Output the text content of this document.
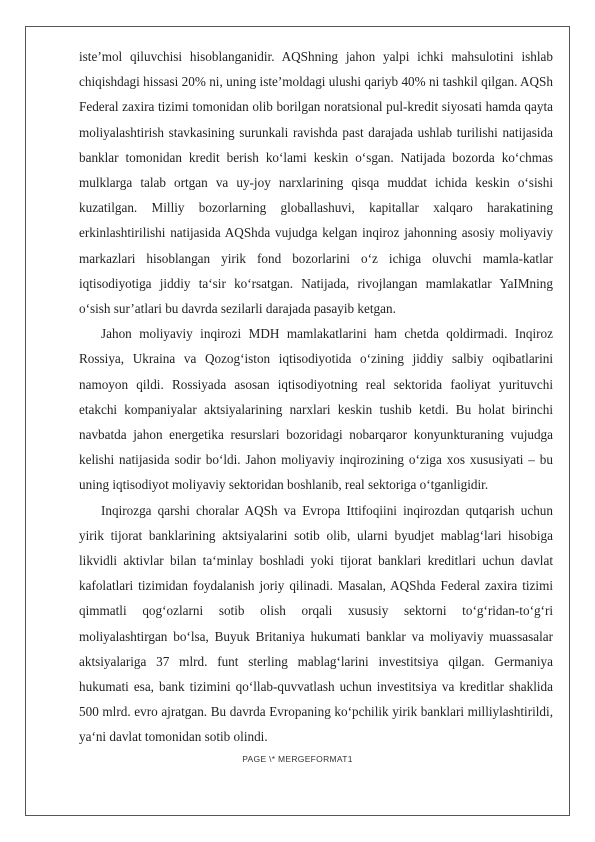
iste’mol qiluvchisi hisoblanganidir. AQShning jahon yalpi ichki mahsulotini ishlab chiqishdagi hissasi 20% ni, uning iste’moldagi ulushi qariyb 40% ni tashkil qilgan. AQSh Federal zaxira tizimi tomonidan olib borilgan noratsional pul-kredit siyosati hamda qayta moliyalashtirish stavkasining surunkali ravishda past darajada ushlab turilishi natijasida banklar tomonidan kredit berish ko‘lami keskin o‘sgan. Natijada bozorda ko‘chmas mulklarga talab ortgan va uy-joy narxlarining qisqa muddat ichida keskin o‘sishi kuzatilgan. Milliy bozorlarning globallashuvi, kapitallar xalqaro harakatining erkinlashtirilishi natijasida AQShda vujudga kelgan inqiroz jahonning asosiy moliyaviy markazlari hisoblangan yirik fond bozorlarini o‘z ichiga oluvchi mamla-katlar iqtisodiyotiga jiddiy ta‘sir ko‘rsatgan. Natijada, rivojlangan mamlakatlar YaIMning o‘sish sur’atlari bu davrda sezilarli darajada pasayib ketgan.

Jahon moliyaviy inqirozi MDH mamlakatlarini ham chetda qoldirmadi. Inqiroz Rossiya, Ukraina va Qozog‘iston iqtisodiyotida o‘zining jiddiy salbiy oqibatlarini namoyon qildi. Rossiyada asosan iqtisodiyotning real sektorida faoliyat yurituvchi etakchi kompaniyalar aktsiyalarining narxlari keskin tushib ketdi. Bu holat birinchi navbatda jahon energetika resurslari bozoridagi nobarqaror konyunkturaning vujudga kelishi natijasida sodir bo‘ldi. Jahon moliyaviy inqirozining o‘ziga xos xususiyati – bu uning iqtisodiyot moliyaviy sektoridan boshlanib, real sektoriga o‘tganligidir.

Inqirozga qarshi choralar AQSh va Evropa Ittifoqiini inqirozdan qutqarish uchun yirik tijorat banklarining aktsiyalarini sotib olib, ularni byudjet mablag‘lari hisobiga likvidli aktivlar bilan ta‘minlay boshladi yoki tijorat banklari kreditlari uchun davlat kafolatlari tizimidan foydalanish joriy qilinadi. Masalan, AQShda Federal zaxira tizimi qimmatli qog‘ozlarni sotib olish orqali xususiy sektorni to‘g‘ridan-to‘g‘ri moliyalashtirgan bo‘lsa, Buyuk Britaniya hukumati banklar va moliyaviy muassasalar aktsiyalariga 37 mlrd. funt sterling mablag‘larini investitsiya qilgan. Germaniya hukumati esa, bank tizimini qo‘llab-quvvatlash uchun investitsiya va kreditlar shaklida 500 mlrd. evro ajratgan. Bu davrda Evropaning ko‘pchilik yirik banklari milliylashtirildi, ya‘ni davlat tomonidan sotib olindi.

PAGE \* MERGEFORMAT1
